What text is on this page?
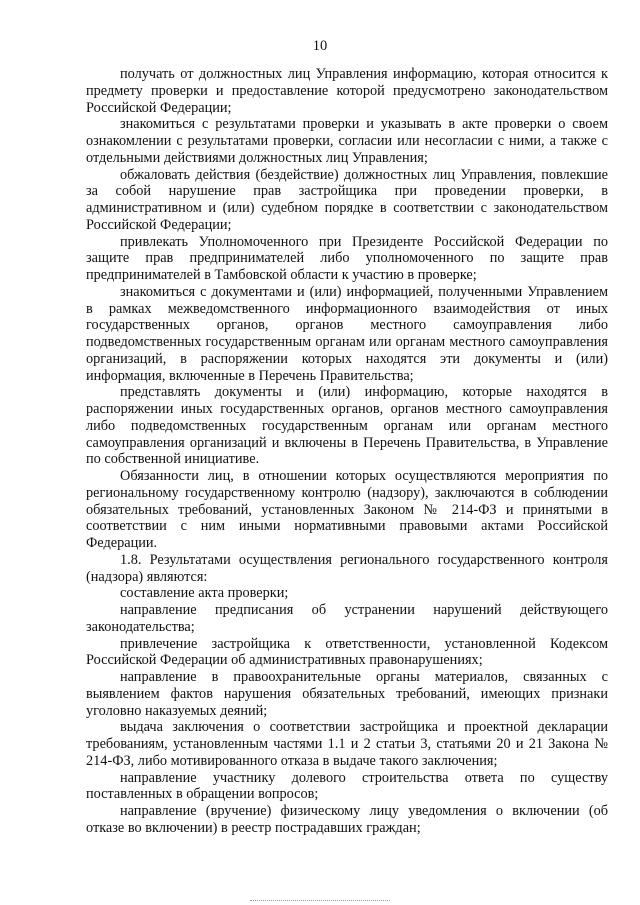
10

получать от должностных лиц Управления информацию, которая относится к предмету проверки и предоставление которой предусмотрено законодательством Российской Федерации;

знакомиться с результатами проверки и указывать в акте проверки о своем ознакомлении с результатами проверки, согласии или несогласии с ними, а также с отдельными действиями должностных лиц Управления;

обжаловать действия (бездействие) должностных лиц Управления, повлекшие за собой нарушение прав застройщика при проведении проверки, в административном и (или) судебном порядке в соответствии с законодательством Российской Федерации;

привлекать Уполномоченного при Президенте Российской Федерации по защите прав предпринимателей либо уполномоченного по защите прав предпринимателей в Тамбовской области к участию в проверке;

знакомиться с документами и (или) информацией, полученными Управлением в рамках межведомственного информационного взаимодействия от иных государственных органов, органов местного самоуправления либо подведомственных государственным органам или органам местного самоуправления организаций, в распоряжении которых находятся эти документы и (или) информация, включенные в Перечень Правительства;

представлять документы и (или) информацию, которые находятся в распоряжении иных государственных органов, органов местного самоуправления либо подведомственных государственным органам или органам местного самоуправления организаций и включены в Перечень Правительства, в Управление по собственной инициативе.

Обязанности лиц, в отношении которых осуществляются мероприятия по региональному государственному контролю (надзору), заключаются в соблюдении обязательных требований, установленных Законом № 214-ФЗ и принятыми в соответствии с ним иными нормативными правовыми актами Российской Федерации.

1.8. Результатами осуществления регионального государственного контроля (надзора) являются:

составление акта проверки;

направление предписания об устранении нарушений действующего законодательства;

привлечение застройщика к ответственности, установленной Кодексом Российской Федерации об административных правонарушениях;

направление в правоохранительные органы материалов, связанных с выявлением фактов нарушения обязательных требований, имеющих признаки уголовно наказуемых деяний;

выдача заключения о соответствии застройщика и проектной декларации требованиям, установленным частями 1.1 и 2 статьи 3, статьями 20 и 21 Закона № 214-ФЗ, либо мотивированного отказа в выдаче такого заключения;

направление участнику долевого строительства ответа по существу поставленных в обращении вопросов;

направление (вручение) физическому лицу уведомления о включении (об отказе во включении) в реестр пострадавших граждан;
